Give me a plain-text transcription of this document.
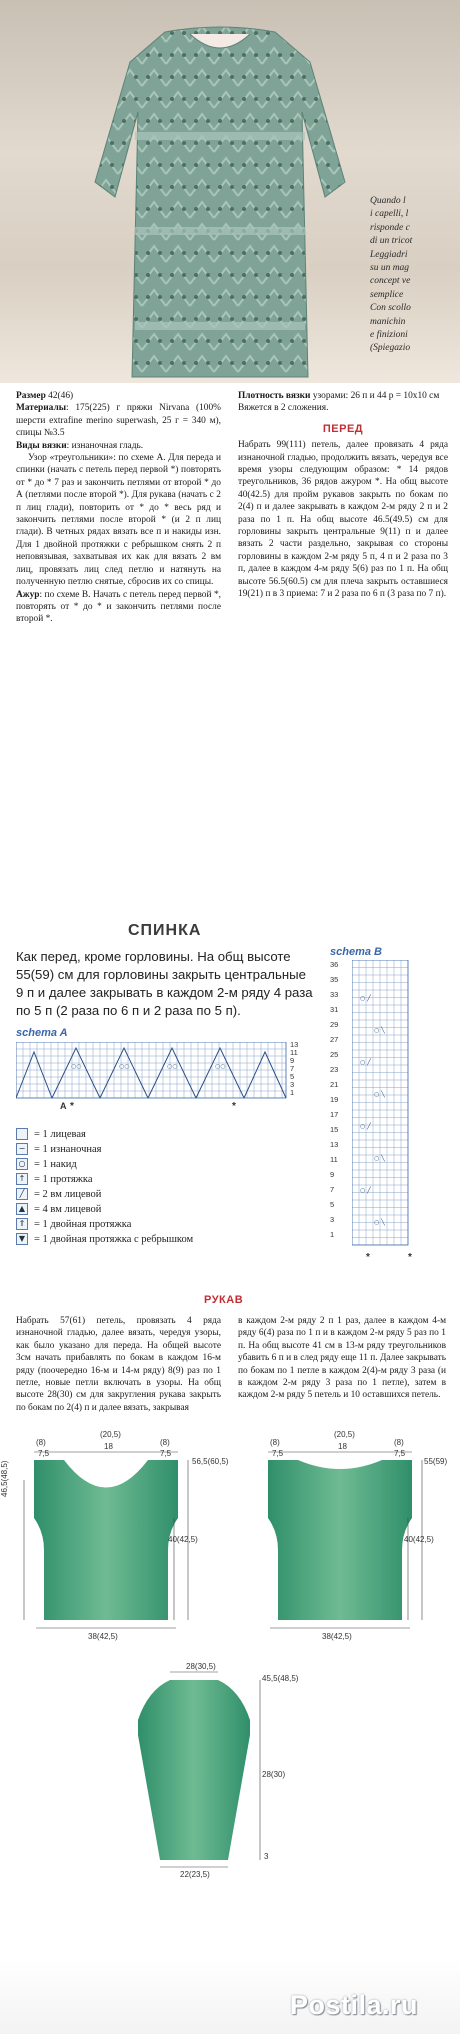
Quando l
i capelli, l
risponde c
di un tricot
Leggiadri
su un mag
concept ve
semplice
Con scollo
manichin
e finizioni
(Spiegazio
Размер 42(46)
Материалы: 175(225) г пряжи Nirvana (100% шерсти extrafine merino superwash, 25 г = 340 м), спицы №3.5
Виды вязки: изнаночная гладь.
Узор «треугольники»: по схеме А. Для переда и спинки (начать с петель перед первой *) повторять от * до * 7 раз и закончить петлями от второй * до А (петлями после второй *). Для рукава (начать с 2 п лиц глади), повторить от * до * весь ряд и закончить петлями после второй * (и 2 п лиц глади). В четных рядах вязать все п и накиды изн. Для 1 двойной протяжки с ребрышком снять 2 п неповязывая, захватывая их как для вязать 2 вм лиц, провязать лиц след петлю и натянуть на полученную петлю снятые, сбросив их со спицы.
Ажур: по схеме В. Начать с петель перед первой *, повторять от * до * и закончить петлями после второй *.
Плотность вязки узорами: 26 п и 44 р = 10х10 см
Вяжется в 2 сложения.
ПЕРЕД
Набрать 99(111) петель, далее провязать 4 ряда изнаночной гладью, продолжить вязать, чередуя все время узоры следующим образом: * 14 рядов треугольников, 36 рядов ажуром *. На общ высоте 40(42.5) для пройм рукавов закрыть по бокам по 2(4) п и далее закрывать в каждом 2-м ряду 2 п и 2 раза по 1 п. На общ высоте 46.5(49.5) см для горловины закрыть центральные 9(11) п и далее вязать 2 части раздельно, закрывая со стороны горловины в каждом 2-м ряду 5 п, 4 п и 2 раза по 3 п, далее в каждом 4-м ряду 5(6) раз по 1 п. На общ высоте 56.5(60.5) см для плеча закрыть оставшиеся 19(21) п в 3 приема: 7 и 2 раза по 6 п (3 раза по 7 п).
СПИНКА
Как перед, кроме горловины. На общ высоте 55(59) см для горловины закрыть центральные 9 п и далее закрывать в каждом 2-м ряду 4 раза по 5 п (2 раза по 6 п и 2 раза по 5 п).
schema A
○○	○○	○○	○○
13
11
9
7
5
3
1
A *	*
= 1 лицевая
− = 1 изнаночная
○ = 1 накид
↑ = 1 протяжка
╱ = 2 вм лицевой
▲ = 4 вм лицевой
⇑ = 1 двойная протяжка
▼ = 1 двойная протяжка с ребрышком
schema B
○ ╱
○ ╲
○ ╱
○ ╲
○ ╱
○ ╲
○ ╱
○ ╲
36
35
33
31
29
27
25
23
21
19
17
15
13
11
9
7
5
3
1
*	*
РУКАВ
Набрать 57(61) петель, провязать 4 ряда изнаночной гладью, далее вязать, чередуя узоры, как было указано для переда. На общей высоте 3см начать прибавлять по бокам в каждом 16-м ряду (поочередно 16-м и 14-м ряду) 8(9) раз по 1 петле, новые петли включать в узоры. На общ высоте 28(30) см для закругления рукава закрыть по бокам по 2(4) п и далее вязать, закрывая
в каждом 2-м ряду 2 п 1 раз, далее в каждом 4-м ряду 6(4) раза по 1 п и в каждом 2-м ряду 5 раз по 1 п. На общ высоте 41 см в 13-м ряду треугольников убавить 6 п и в след ряду еще 11 п. Далее закрывать по бокам по 1 петле в каждом 2(4)-м ряду 3 раза (и в каждом 2-м ряду 3 раза по 1 петле), затем в каждом 2-м ряду 5 петель и 10 оставшихся петель.
(8)
(20,5)
(8)
7,5
18
7,5
56,5(60,5)
40(42,5)
46,5(48,5)
38(42,5)
(8)
(20,5)
(8)
7,5
18
7,5
55(59)
40(42,5)
38(42,5)
28(30,5)
45,5(48,5)
28(30)
3
22(23,5)
Postila.ru
